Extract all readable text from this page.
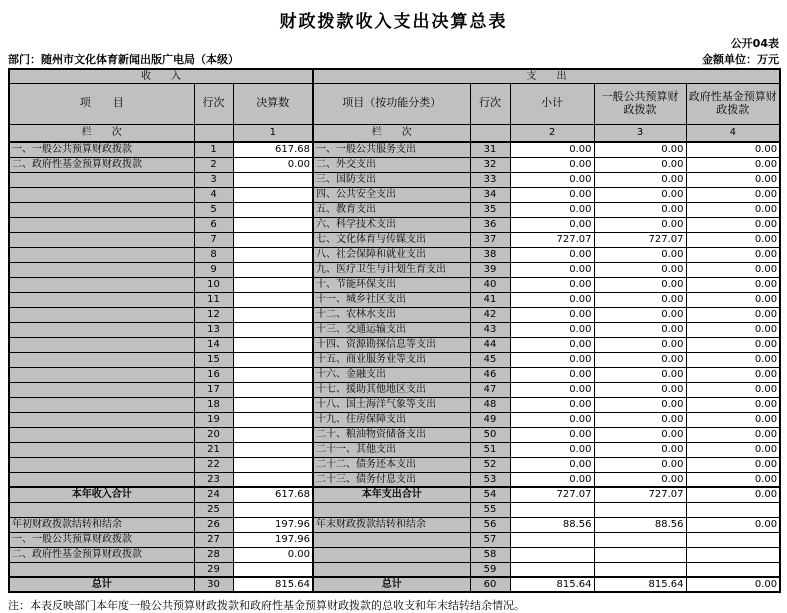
财政拨款收入支出决算总表
公开04表
部门：随州市文化体育新闻出版广电局（本级）	金额单位：万元
收　　入			支　　出				
项　　目	行次	决算数	项目（按功能分类）	行次	小计	一般公共预算财政拨款	政府性基金预算财政拨款
栏　　次		1	栏　　次		2	3	4
一、一般公共预算财政拨款	1	617.68	一、一般公共服务支出	31	0.00	0.00	0.00
二、政府性基金预算财政拨款	2	0.00	二、外交支出	32	0.00	0.00	0.00
	3		三、国防支出	33	0.00	0.00	0.00
	4		四、公共安全支出	34	0.00	0.00	0.00
	5		五、教育支出	35	0.00	0.00	0.00
	6		六、科学技术支出	36	0.00	0.00	0.00
	7		七、文化体育与传媒支出	37	727.07	727.07	0.00
	8		八、社会保障和就业支出	38	0.00	0.00	0.00
	9		九、医疗卫生与计划生育支出	39	0.00	0.00	0.00
	10		十、节能环保支出	40	0.00	0.00	0.00
	11		十一、城乡社区支出	41	0.00	0.00	0.00
	12		十二、农林水支出	42	0.00	0.00	0.00
	13		十三、交通运输支出	43	0.00	0.00	0.00
	14		十四、资源勘探信息等支出	44	0.00	0.00	0.00
	15		十五、商业服务业等支出	45	0.00	0.00	0.00
	16		十六、金融支出	46	0.00	0.00	0.00
	17		十七、援助其他地区支出	47	0.00	0.00	0.00
	18		十八、国土海洋气象等支出	48	0.00	0.00	0.00
	19		十九、住房保障支出	49	0.00	0.00	0.00
	20		二十、粮油物资储备支出	50	0.00	0.00	0.00
	21		二十一、其他支出	51	0.00	0.00	0.00
	22		二十二、债务还本支出	52	0.00	0.00	0.00
	23		二十三、债务付息支出	53	0.00	0.00	0.00
本年收入合计	24	617.68	本年支出合计	54	727.07	727.07	0.00
	25			55			
年初财政拨款结转和结余	26	197.96	年末财政拨款结转和结余	56	88.56	88.56	0.00
一、一般公共预算财政拨款	27	197.96		57			
二、政府性基金预算财政拨款	28	0.00		58			
	29			59			
总计	30	815.64	总计	60	815.64	815.64	0.00
注：本表反映部门本年度一般公共预算财政拨款和政府性基金预算财政拨款的总收支和年末结转结余情况。
